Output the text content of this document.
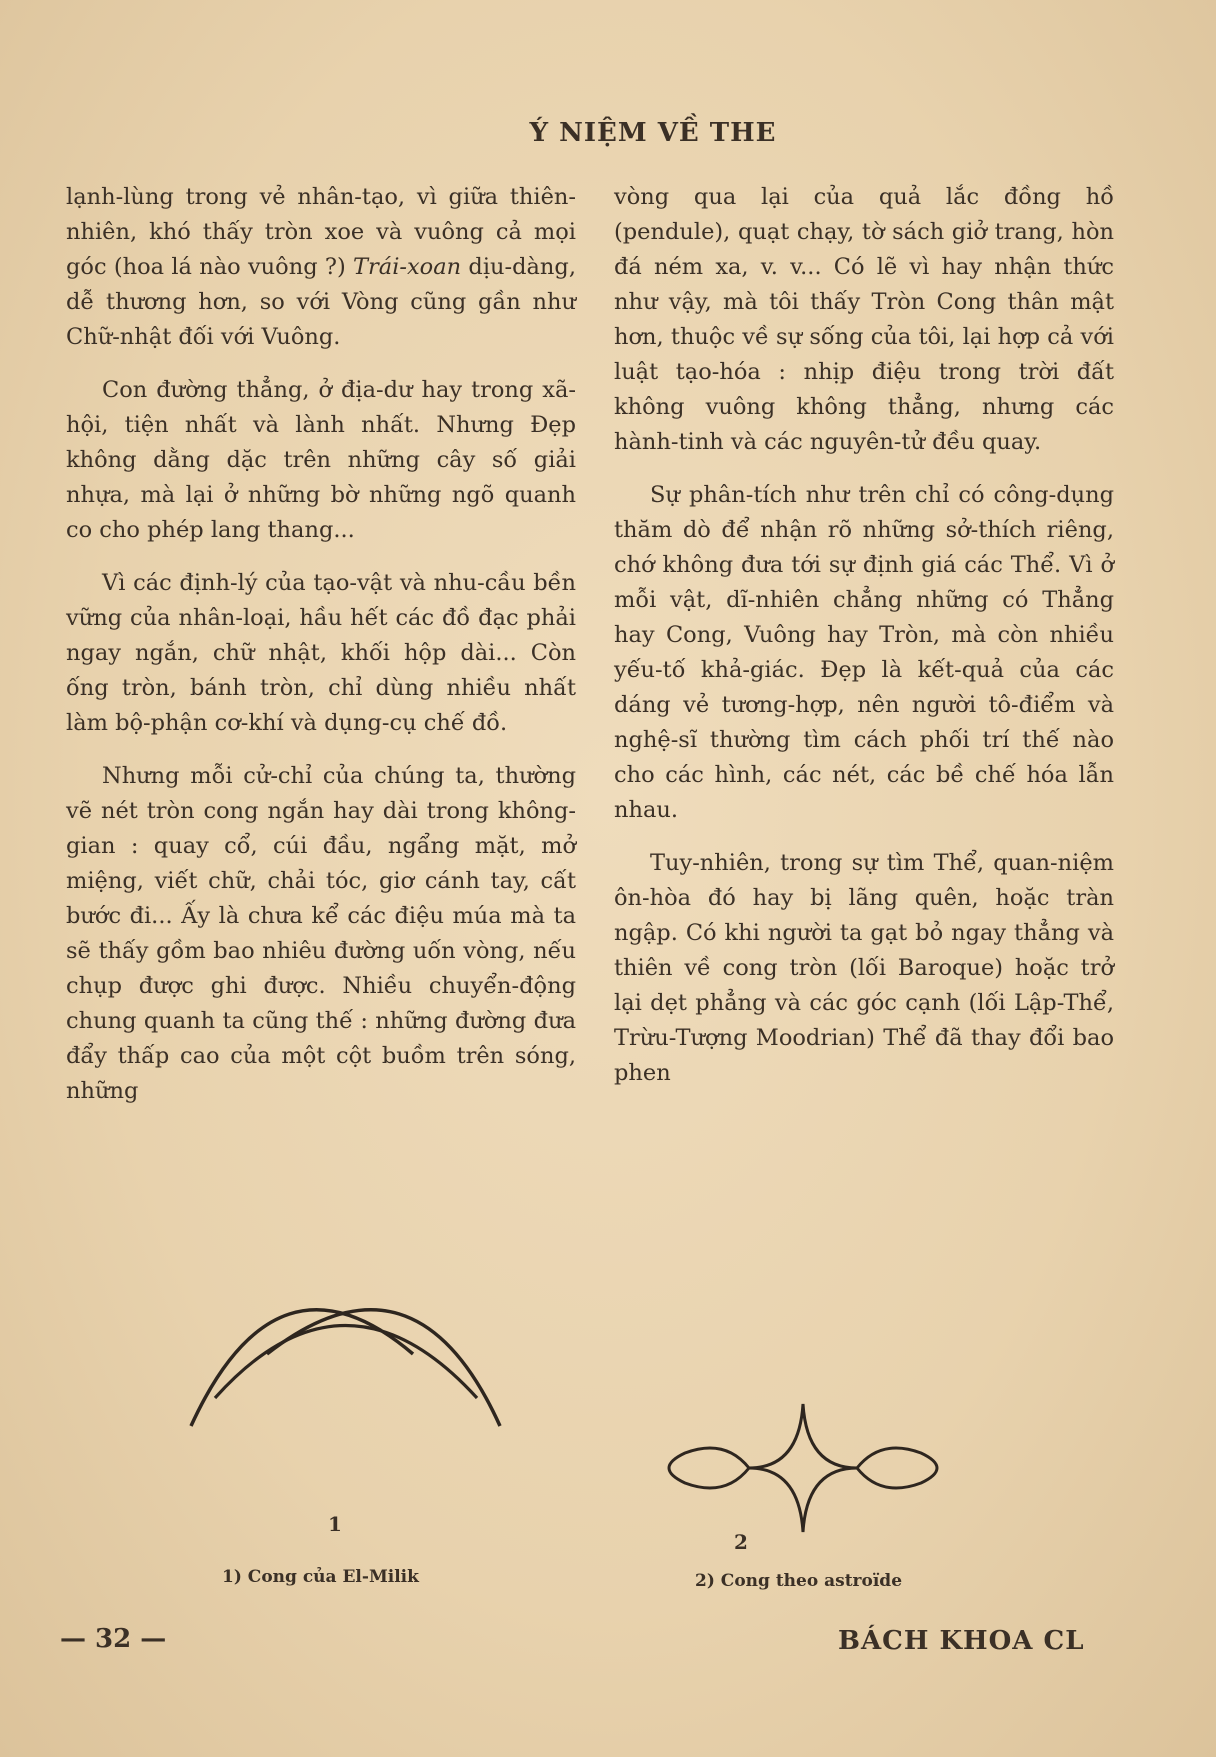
Ý NIỆM VỀ THE

lạnh-lùng trong vẻ nhân-tạo, vì giữa thiên-nhiên, khó thấy tròn xoe và vuông cả mọi góc (hoa lá nào vuông ?) Trái-xoan dịu-dàng, dễ thương hơn, so với Vòng cũng gần như Chữ-nhật đối với Vuông.

Con đường thẳng, ở địa-dư hay trong xã-hội, tiện nhất và lành nhất. Nhưng Đẹp không dằng dặc trên những cây số giải nhựa, mà lại ở những bờ những ngõ quanh co cho phép lang thang...

Vì các định-lý của tạo-vật và nhu-cầu bền vững của nhân-loại, hầu hết các đồ đạc phải ngay ngắn, chữ nhật, khối hộp dài... Còn ống tròn, bánh tròn, chỉ dùng nhiều nhất làm bộ-phận cơ-khí và dụng-cụ chế đồ.

Nhưng mỗi cử-chỉ của chúng ta, thường vẽ nét tròn cong ngắn hay dài trong không-gian : quay cổ, cúi đầu, ngẩng mặt, mở miệng, viết chữ, chải tóc, giơ cánh tay, cất bước đi... Ấy là chưa kể các điệu múa mà ta sẽ thấy gồm bao nhiêu đường uốn vòng, nếu chụp được ghi được. Nhiều chuyển-động chung quanh ta cũng thế : những đường đưa đẩy thấp cao của một cột buồm trên sóng, những

vòng qua lại của quả lắc đồng hồ (pendule), quạt chạy, tờ sách giở trang, hòn đá ném xa, v. v... Có lẽ vì hay nhận thức như vậy, mà tôi thấy Tròn Cong thân mật hơn, thuộc về sự sống của tôi, lại hợp cả với luật tạo-hóa : nhịp điệu trong trời đất không vuông không thẳng, nhưng các hành-tinh và các nguyên-tử đều quay.

Sự phân-tích như trên chỉ có công-dụng thăm dò để nhận rõ những sở-thích riêng, chớ không đưa tới sự định giá các Thể. Vì ở mỗi vật, dĩ-nhiên chẳng những có Thẳng hay Cong, Vuông hay Tròn, mà còn nhiều yếu-tố khả-giác. Đẹp là kết-quả của các dáng vẻ tương-hợp, nên người tô-điểm và nghệ-sĩ thường tìm cách phối trí thế nào cho các hình, các nét, các bề chế hóa lẫn nhau.

Tuy-nhiên, trong sự tìm Thể, quan-niệm ôn-hòa đó hay bị lãng quên, hoặc tràn ngập. Có khi người ta gạt bỏ ngay thẳng và thiên về cong tròn (lối Baroque) hoặc trở lại dẹt phẳng và các góc cạnh (lối Lập-Thể, Trừu-Tượng Moodrian) Thể đã thay đổi bao phen

1
1) Cong của El-Milik
2
2) Cong theo astroïde
— 32 —	BÁCH KHOA CL
